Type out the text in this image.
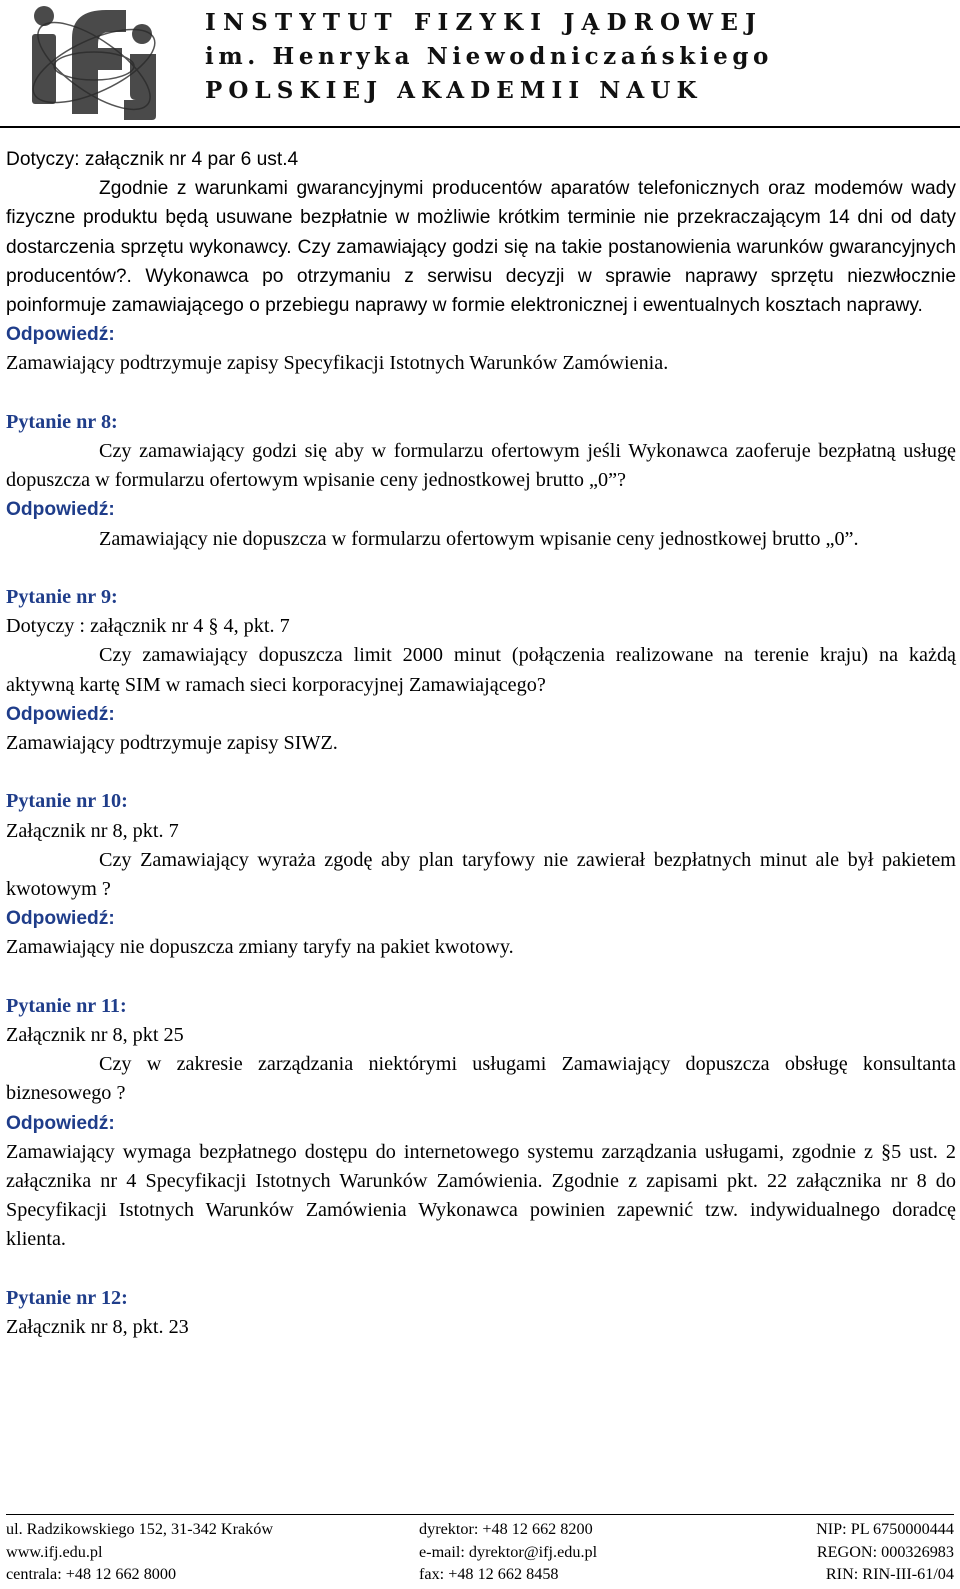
INSTYTUT FIZYKI JĄDROWEJ
im. Henryka Niewodniczańskiego
POLSKIEJ AKADEMII NAUK

Dotyczy: załącznik nr 4 par 6 ust.4

Zgodnie z warunkami gwarancyjnymi producentów aparatów telefonicznych oraz modemów wady fizyczne produktu będą usuwane bezpłatnie w możliwie krótkim terminie nie przekraczającym 14 dni od daty dostarczenia sprzętu wykonawcy. Czy zamawiający godzi się na takie postanowienia warunków gwarancyjnych producentów?. Wykonawca po otrzymaniu z serwisu decyzji w sprawie naprawy sprzętu niezwłocznie poinformuje zamawiającego o przebiegu naprawy w formie elektronicznej i ewentualnych kosztach naprawy.

Odpowiedź:

Zamawiający podtrzymuje zapisy Specyfikacji Istotnych Warunków Zamówienia.

Pytanie nr 8:

Czy zamawiający godzi się aby w formularzu ofertowym jeśli Wykonawca zaoferuje bezpłatną usługę dopuszcza w formularzu ofertowym wpisanie ceny jednostkowej brutto „0”?

Odpowiedź:

Zamawiający nie dopuszcza w formularzu ofertowym wpisanie ceny jednostkowej brutto „0”.

Pytanie nr 9:

Dotyczy : załącznik nr 4 § 4, pkt. 7

Czy zamawiający dopuszcza limit 2000 minut (połączenia realizowane na terenie kraju) na każdą aktywną kartę SIM w ramach sieci korporacyjnej Zamawiającego?

Odpowiedź:

Zamawiający podtrzymuje zapisy SIWZ.

Pytanie nr 10:

Załącznik nr 8, pkt. 7

Czy Zamawiający wyraża zgodę aby plan taryfowy nie zawierał bezpłatnych minut ale był pakietem kwotowym ?

Odpowiedź:

Zamawiający nie dopuszcza zmiany taryfy na pakiet kwotowy.

Pytanie nr 11:

Załącznik nr 8, pkt 25

Czy w zakresie zarządzania niektórymi usługami Zamawiający dopuszcza obsługę konsultanta biznesowego ?

Odpowiedź:

Zamawiający wymaga bezpłatnego dostępu do internetowego systemu zarządzania usługami, zgodnie z §5 ust. 2 załącznika nr 4 Specyfikacji Istotnych Warunków Zamówienia. Zgodnie z zapisami pkt. 22 załącznika nr 8 do Specyfikacji Istotnych Warunków Zamówienia Wykonawca powinien zapewnić tzw. indywidualnego doradcę klienta.

Pytanie nr 12:

Załącznik nr 8, pkt. 23

ul. Radzikowskiego 152, 31-342 Kraków
www.ifj.edu.pl
centrala: +48 12 662 8000
dyrektor: +48 12 662 8200
e-mail: dyrektor@ifj.edu.pl
fax: +48 12 662 8458
NIP: PL 6750000444
REGON: 000326983
RIN: RIN-III-61/04
